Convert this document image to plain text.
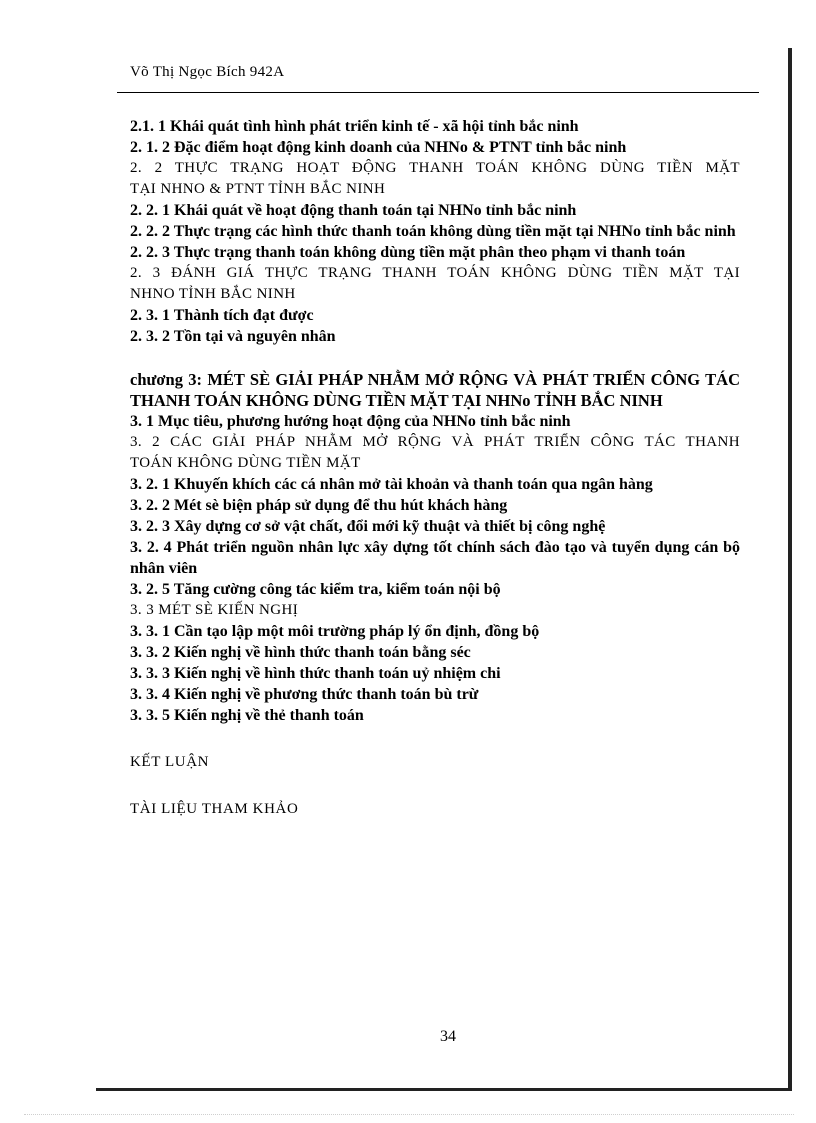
Võ Thị Ngọc Bích 942A

2.1. 1 Khái quát tình hình phát triển kinh tế - xã hội tỉnh bắc ninh

2. 1. 2 Đặc điểm hoạt động kinh doanh của NHNo & PTNT tỉnh bắc ninh

2. 2 THỰC TRẠNG HOẠT ĐỘNG THANH TOÁN KHÔNG DÙNG TIỀN MẶT

TẠI NHNO & PTNT TỈNH BẮC NINH

2. 2. 1 Khái quát về hoạt động thanh toán tại NHNo tỉnh bắc ninh

2. 2. 2 Thực trạng các hình thức thanh toán không dùng tiền mặt tại NHNo tỉnh bắc ninh

2. 2. 3 Thực trạng thanh toán không dùng tiền mặt phân theo phạm vi thanh toán

2. 3 ĐÁNH GIÁ THỰC TRẠNG THANH TOÁN KHÔNG DÙNG TIỀN MẶT TẠI

NHNO TỈNH BẮC NINH

2. 3. 1 Thành tích đạt được

2. 3. 2 Tồn tại và nguyên nhân

chương 3: MÉT SÈ GIẢI PHÁP NHẰM MỞ RỘNG VÀ PHÁT TRIỂN CÔNG TÁC THANH TOÁN KHÔNG DÙNG TIỀN MẶT TẠI NHNo TỈNH BẮC NINH

3. 1 Mục tiêu, phương hướng hoạt động của NHNo tỉnh bắc ninh

3. 2 CÁC GIẢI PHÁP NHẰM MỞ RỘNG VÀ PHÁT TRIỂN CÔNG TÁC THANH

TOÁN KHÔNG DÙNG TIỀN MẶT

3. 2. 1 Khuyến khích các cá nhân mở tài khoản và thanh toán qua ngân hàng

3. 2. 2 Mét sè biện pháp sử dụng để thu hút khách hàng

3. 2. 3 Xây dựng cơ sở vật chất, đổi mới kỹ thuật và thiết bị công nghệ

3. 2. 4 Phát triển nguồn nhân lực xây dựng tốt chính sách đào tạo và tuyển dụng cán bộ nhân viên

3. 2. 5 Tăng cường công tác kiểm tra, kiểm toán nội bộ

3. 3 MÉT SÈ KIẾN NGHỊ

3. 3. 1 Cần tạo lập một môi trường pháp lý ổn định, đồng bộ

3. 3. 2 Kiến nghị về hình thức thanh toán bằng séc

3. 3. 3 Kiến nghị về hình thức thanh toán uỷ nhiệm chi

3. 3. 4 Kiến nghị về phương thức thanh toán bù trừ

3. 3. 5 Kiến nghị về thẻ thanh toán

KẾT LUẬN

TÀI LIỆU THAM KHẢO

34
